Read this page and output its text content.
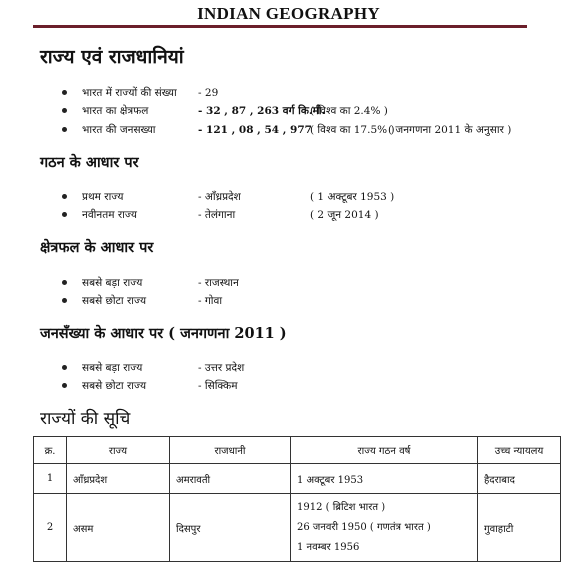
INDIAN GEOGRAPHY
राज्य एवं राजधानियां
भारत में राज्यों की संख्या - 29
भारत का क्षेत्रफल	- 32 , 87 , 263 वर्ग कि.मी.
( विश्व का 2.4% )
भारत की जनसख्या	- 121 , 08 , 54 , 977
( विश्व का 17.5% )
( जनगणना 2011 के अनुसार )
गठन के आधार पर
प्रथम राज्य	- आँध्रप्रदेश	( 1 अक्टूबर 1953 )
नवीनतम राज्य	- तेलंगाना	( 2 जून 2014 )
क्षेत्रफल के आधार पर
सबसे बड़ा राज्य	- राजस्थान
सबसे छोटा राज्य	- गोवा
जनसँख्या के आधार पर ( जनगणना 2011 )
सबसे बड़ा राज्य	- उत्तर प्रदेश
सबसे छोटा राज्य	- सिक्किम
राज्यों की सूचि
क्र.	राज्य	राजधानी	राज्य गठन वर्ष	उच्च न्यायलय
1	आँध्रप्रदेश	अमरावती	1 अक्टूबर 1953	हैदराबाद
2	असम	दिसपुर	1912 ( ब्रिटिश भारत )
26 जनवरी 1950 ( गणतंत्र भारत )
1 नवम्बर 1956	गुवाहाटी
